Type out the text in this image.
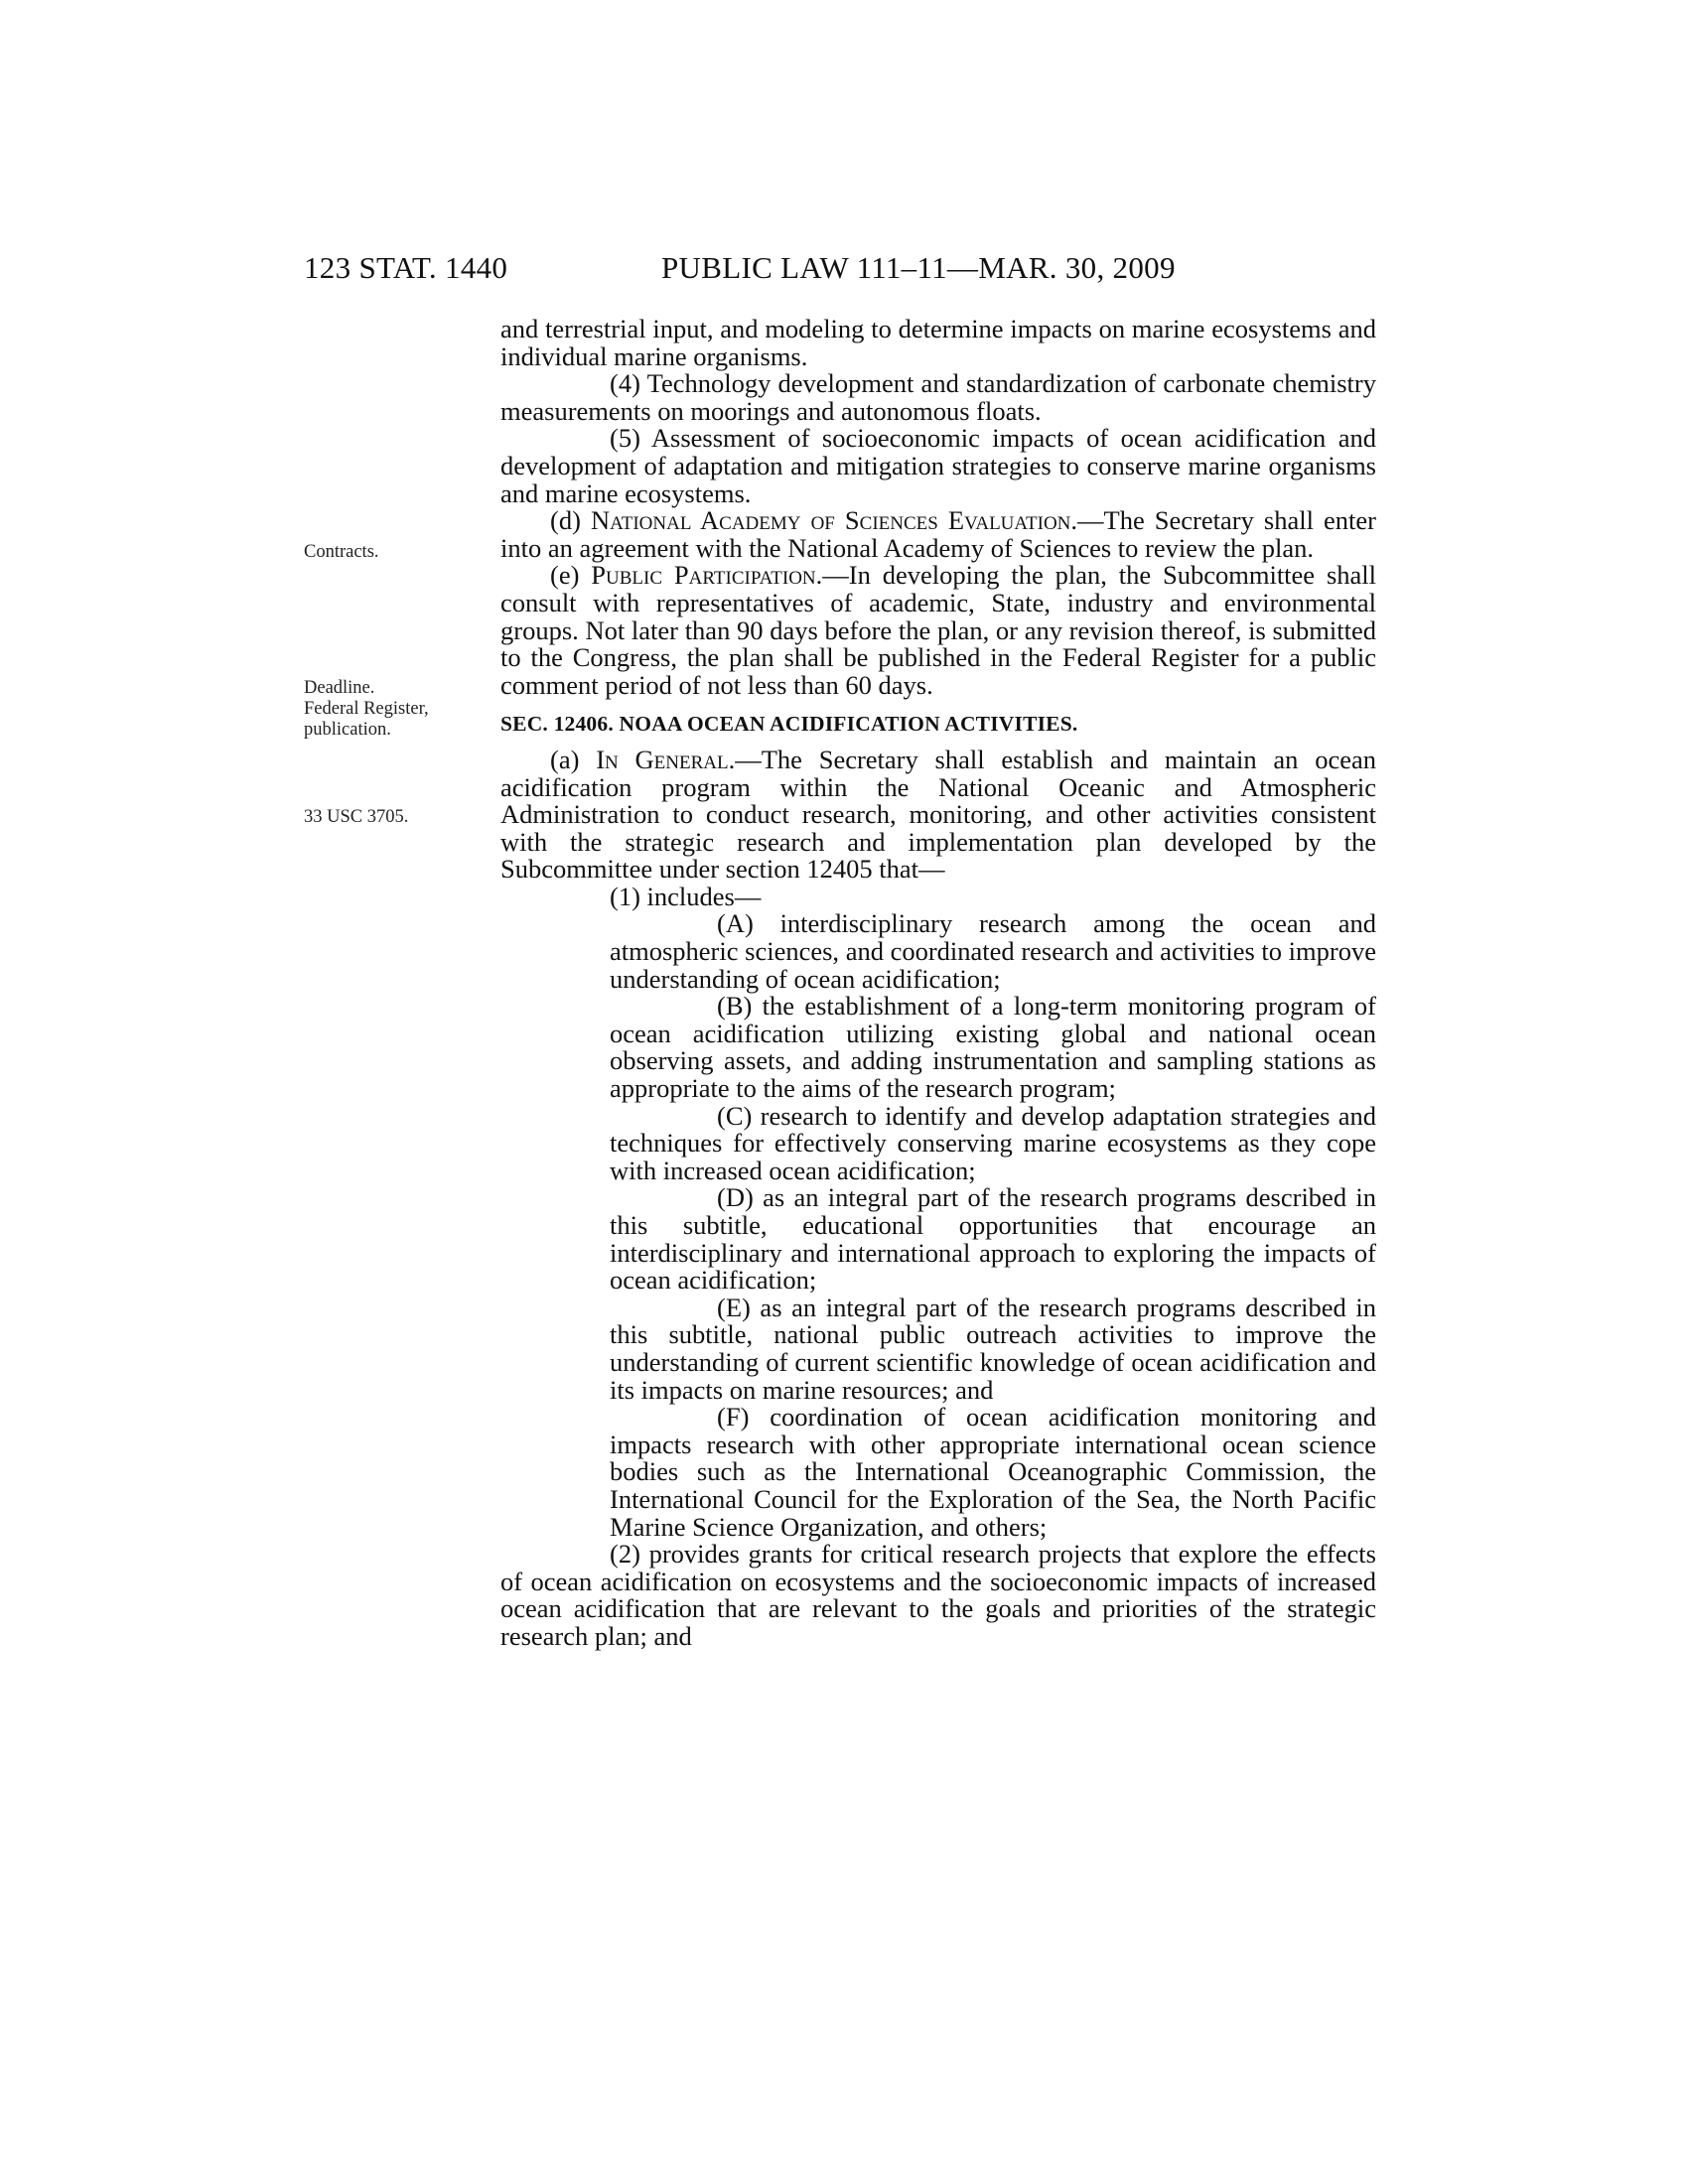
123 STAT. 1440	PUBLIC LAW 111–11—MAR. 30, 2009
Contracts.
Deadline.
Federal Register,
publication.
33 USC 3705.

and terrestrial input, and modeling to determine impacts on marine ecosystems and individual marine organisms.

(4) Technology development and standardization of carbonate chemistry measurements on moorings and autonomous floats.

(5) Assessment of socioeconomic impacts of ocean acidification and development of adaptation and mitigation strategies to conserve marine organisms and marine ecosystems.

(d) National Academy of Sciences Evaluation.—The Secretary shall enter into an agreement with the National Academy of Sciences to review the plan.

(e) Public Participation.—In developing the plan, the Subcommittee shall consult with representatives of academic, State, industry and environmental groups. Not later than 90 days before the plan, or any revision thereof, is submitted to the Congress, the plan shall be published in the Federal Register for a public comment period of not less than 60 days.

SEC. 12406. NOAA OCEAN ACIDIFICATION ACTIVITIES.

(a) In General.—The Secretary shall establish and maintain an ocean acidification program within the National Oceanic and Atmospheric Administration to conduct research, monitoring, and other activities consistent with the strategic research and implementation plan developed by the Subcommittee under section 12405 that—

(1) includes—

(A) interdisciplinary research among the ocean and atmospheric sciences, and coordinated research and activities to improve understanding of ocean acidification;

(B) the establishment of a long-term monitoring program of ocean acidification utilizing existing global and national ocean observing assets, and adding instrumentation and sampling stations as appropriate to the aims of the research program;

(C) research to identify and develop adaptation strategies and techniques for effectively conserving marine ecosystems as they cope with increased ocean acidification;

(D) as an integral part of the research programs described in this subtitle, educational opportunities that encourage an interdisciplinary and international approach to exploring the impacts of ocean acidification;

(E) as an integral part of the research programs described in this subtitle, national public outreach activities to improve the understanding of current scientific knowledge of ocean acidification and its impacts on marine resources; and

(F) coordination of ocean acidification monitoring and impacts research with other appropriate international ocean science bodies such as the International Oceanographic Commission, the International Council for the Exploration of the Sea, the North Pacific Marine Science Organization, and others;

(2) provides grants for critical research projects that explore the effects of ocean acidification on ecosystems and the socioeconomic impacts of increased ocean acidification that are relevant to the goals and priorities of the strategic research plan; and
